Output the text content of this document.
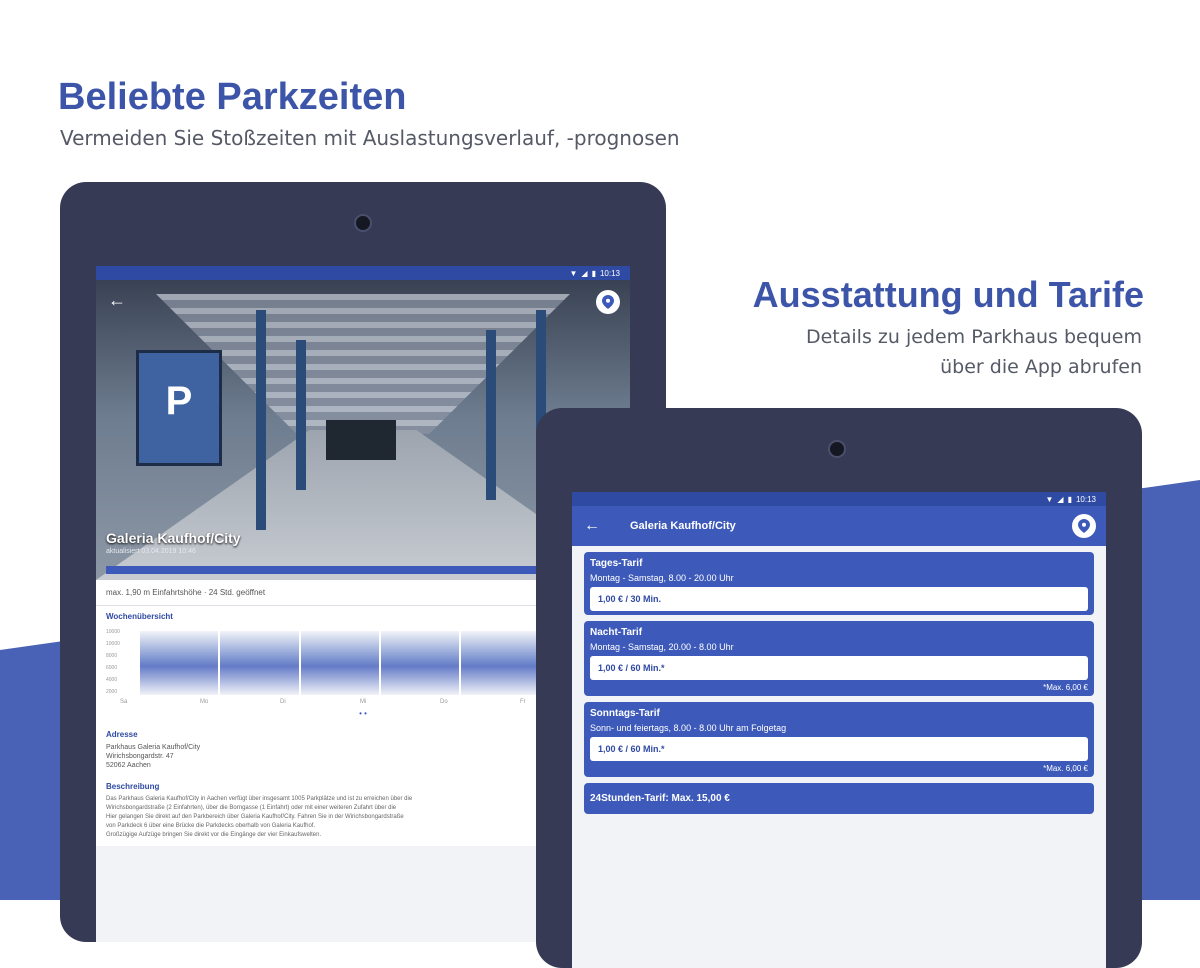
Beliebte Parkzeiten

Vermeiden Sie Stoßzeiten mit Auslastungsverlauf, -prognosen

▼ ◢ ▮ 10:13
P
←
Galeria Kaufhof/City
aktualisiert 03.04.2019 10:46
max. 1,90 m Einfahrtshöhe · 24 Std. geöffnet
Wochenübersicht
10000
10000
8000
6000
4000
2000
Sa	Mo	Di	Mi	Do	Fr
• •
Adresse
Parkhaus Galeria Kaufhof/City
Wirichsbongardstr. 47
52062 Aachen
Beschreibung
Das Parkhaus Galeria Kaufhof/City in Aachen verfügt über insgesamt 1005 Parkplätze und ist zu erreichen über die
Wirichsbongardstraße (2 Einfahrten), über die Borngasse (1 Einfahrt) oder mit einer weiteren Zufahrt über die
Hier gelangen Sie direkt auf den Parkbereich über Galeria Kaufhof/City. Fahren Sie in der Wirichsbongardstraße
von Parkdeck 6 über eine Brücke die Parkdecks oberhalb von Galeria Kaufhof.
Großzügige Aufzüge bringen Sie direkt vor die Eingänge der vier Einkaufswelten.
Ausstattung und Tarife

Details zu jedem Parkhaus bequem
über die App abrufen

▼ ◢ ▮ 10:13
←	Galeria Kaufhof/City
Tages-Tarif
Montag - Samstag, 8.00 - 20.00 Uhr
1,00 € / 30 Min.
Nacht-Tarif
Montag - Samstag, 20.00 - 8.00 Uhr
1,00 € / 60 Min.*
*Max. 6,00 €
Sonntags-Tarif
Sonn- und feiertags, 8.00 - 8.00 Uhr am Folgetag
1,00 € / 60 Min.*
*Max. 6,00 €
24Stunden-Tarif: Max. 15,00 €
